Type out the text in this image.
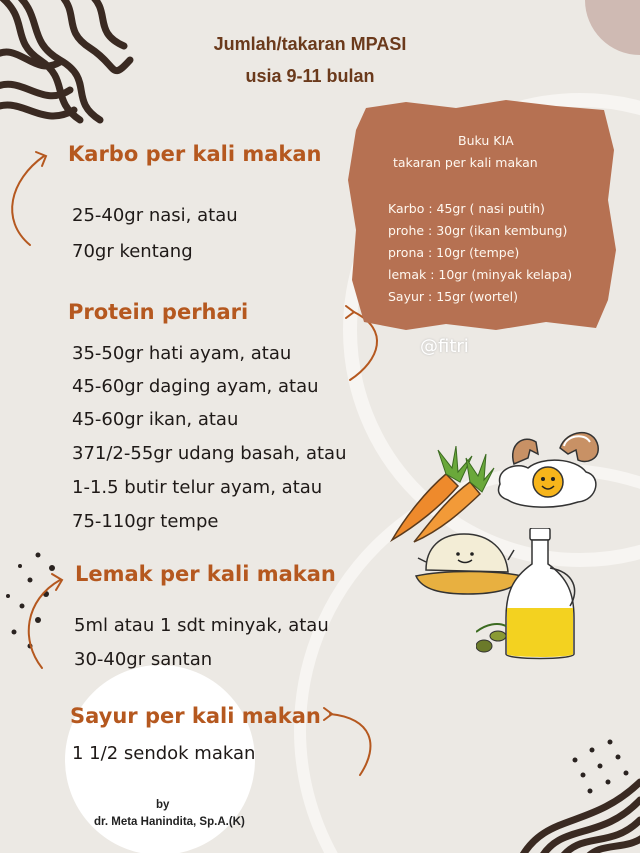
Buku KIA
takaran per kali makan
Karbo : 45gr ( nasi putih)
prohe : 30gr (ikan kembung)
prona : 10gr (tempe)
lemak : 10gr (minyak kelapa)
Sayur : 15gr (wortel)
@fitri
Jumlah/takaran MPASI
usia 9-11 bulan
Karbo per kali makan
25-40gr nasi, atau
70gr kentang
Protein perhari
35-50gr hati ayam, atau
45-60gr daging ayam, atau
45-60gr ikan, atau
371/2-55gr udang basah, atau
1-1.5 butir telur ayam, atau
75-110gr tempe
Lemak per kali makan
5ml atau 1 sdt minyak, atau
30-40gr santan
Sayur per kali makan
1 1/2 sendok makan
by
dr. Meta Hanindita, Sp.A.(K)
